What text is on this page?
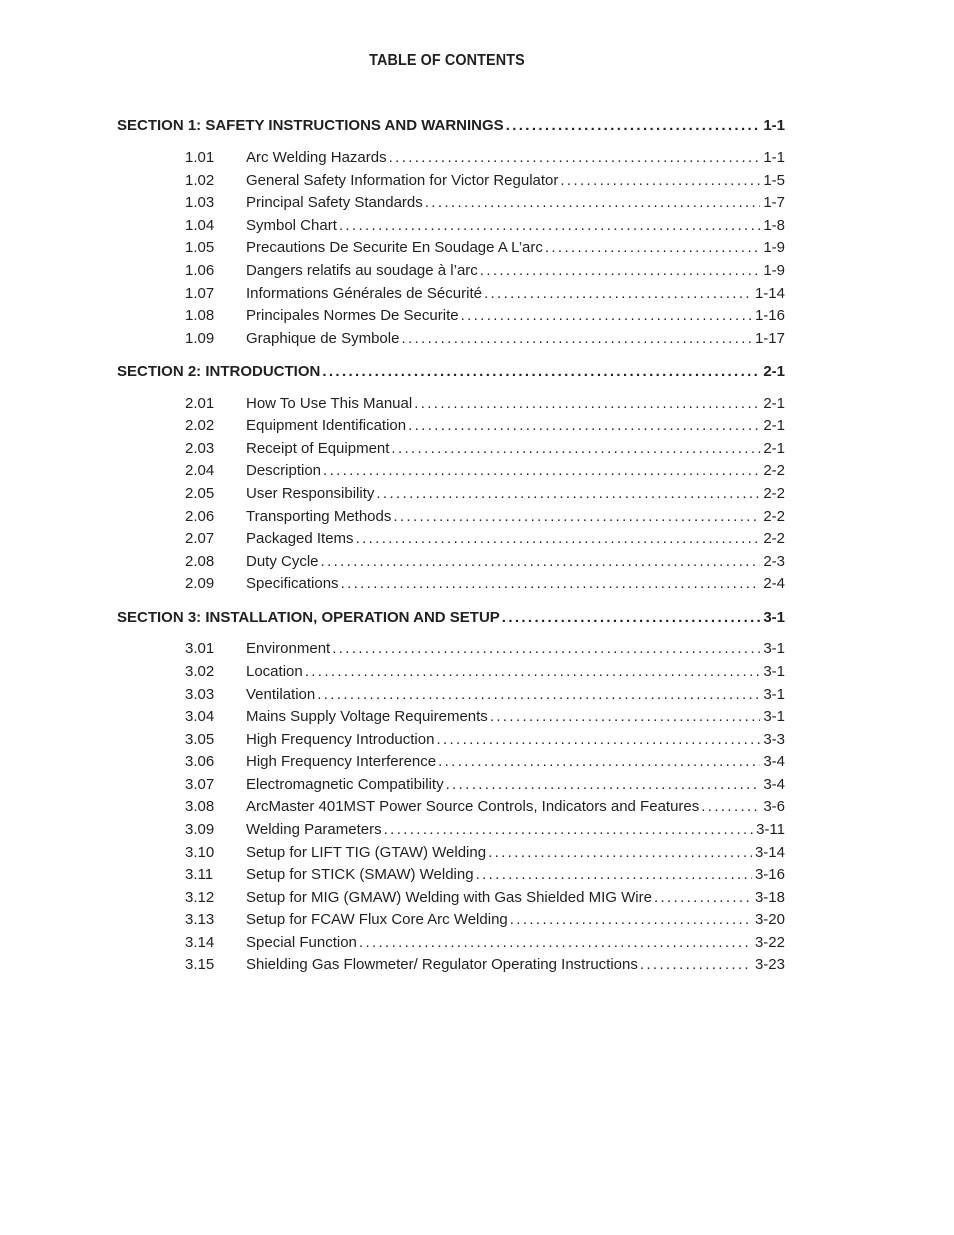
TABLE OF CONTENTS
SECTION 1: SAFETY INSTRUCTIONS AND WARNINGS . . .	1-1
1.01	Arc Welding Hazards . . .	1-1
1.02	General Safety Information for Victor Regulator . . .	1-5
1.03	Principal Safety Standards . . .	1-7
1.04	Symbol Chart . . .	1-8
1.05	Precautions De Securite En Soudage A L’arc . . .	1-9
1.06	Dangers relatifs au soudage à l’arc . . .	1-9
1.07	Informations Générales de Sécurité . . .	1-14
1.08	Principales Normes De Securite . . .	1-16
1.09	Graphique de Symbole . . .	1-17
SECTION 2: INTRODUCTION . . .	2-1
2.01	How To Use This Manual . . .	2-1
2.02	Equipment Identification . . .	2-1
2.03	Receipt of Equipment . . .	2-1
2.04	Description . . .	2-2
2.05	User Responsibility . . .	2-2
2.06	Transporting Methods . . .	2-2
2.07	Packaged Items . . .	2-2
2.08	Duty Cycle . . .	2-3
2.09	Specifications . . .	2-4
SECTION 3: INSTALLATION, OPERATION AND SETUP . . .	3-1
3.01	Environment . . .	3-1
3.02	Location . . .	3-1
3.03	Ventilation . . .	3-1
3.04	Mains Supply Voltage Requirements . . .	3-1
3.05	High Frequency Introduction . . .	3-3
3.06	High Frequency Interference . . .	3-4
3.07	Electromagnetic Compatibility . . .	3-4
3.08	ArcMaster 401MST Power Source Controls, Indicators and Features . . .	3-6
3.09	Welding Parameters . . .	3-11
3.10	Setup for LIFT TIG (GTAW) Welding . . .	3-14
3.11	Setup for STICK (SMAW) Welding . . .	3-16
3.12	Setup for MIG (GMAW) Welding with Gas Shielded MIG Wire . . .	3-18
3.13	Setup for FCAW Flux Core Arc Welding . . .	3-20
3.14	Special Function . . .	3-22
3.15	Shielding Gas Flowmeter/ Regulator Operating Instructions . . .	3-23
